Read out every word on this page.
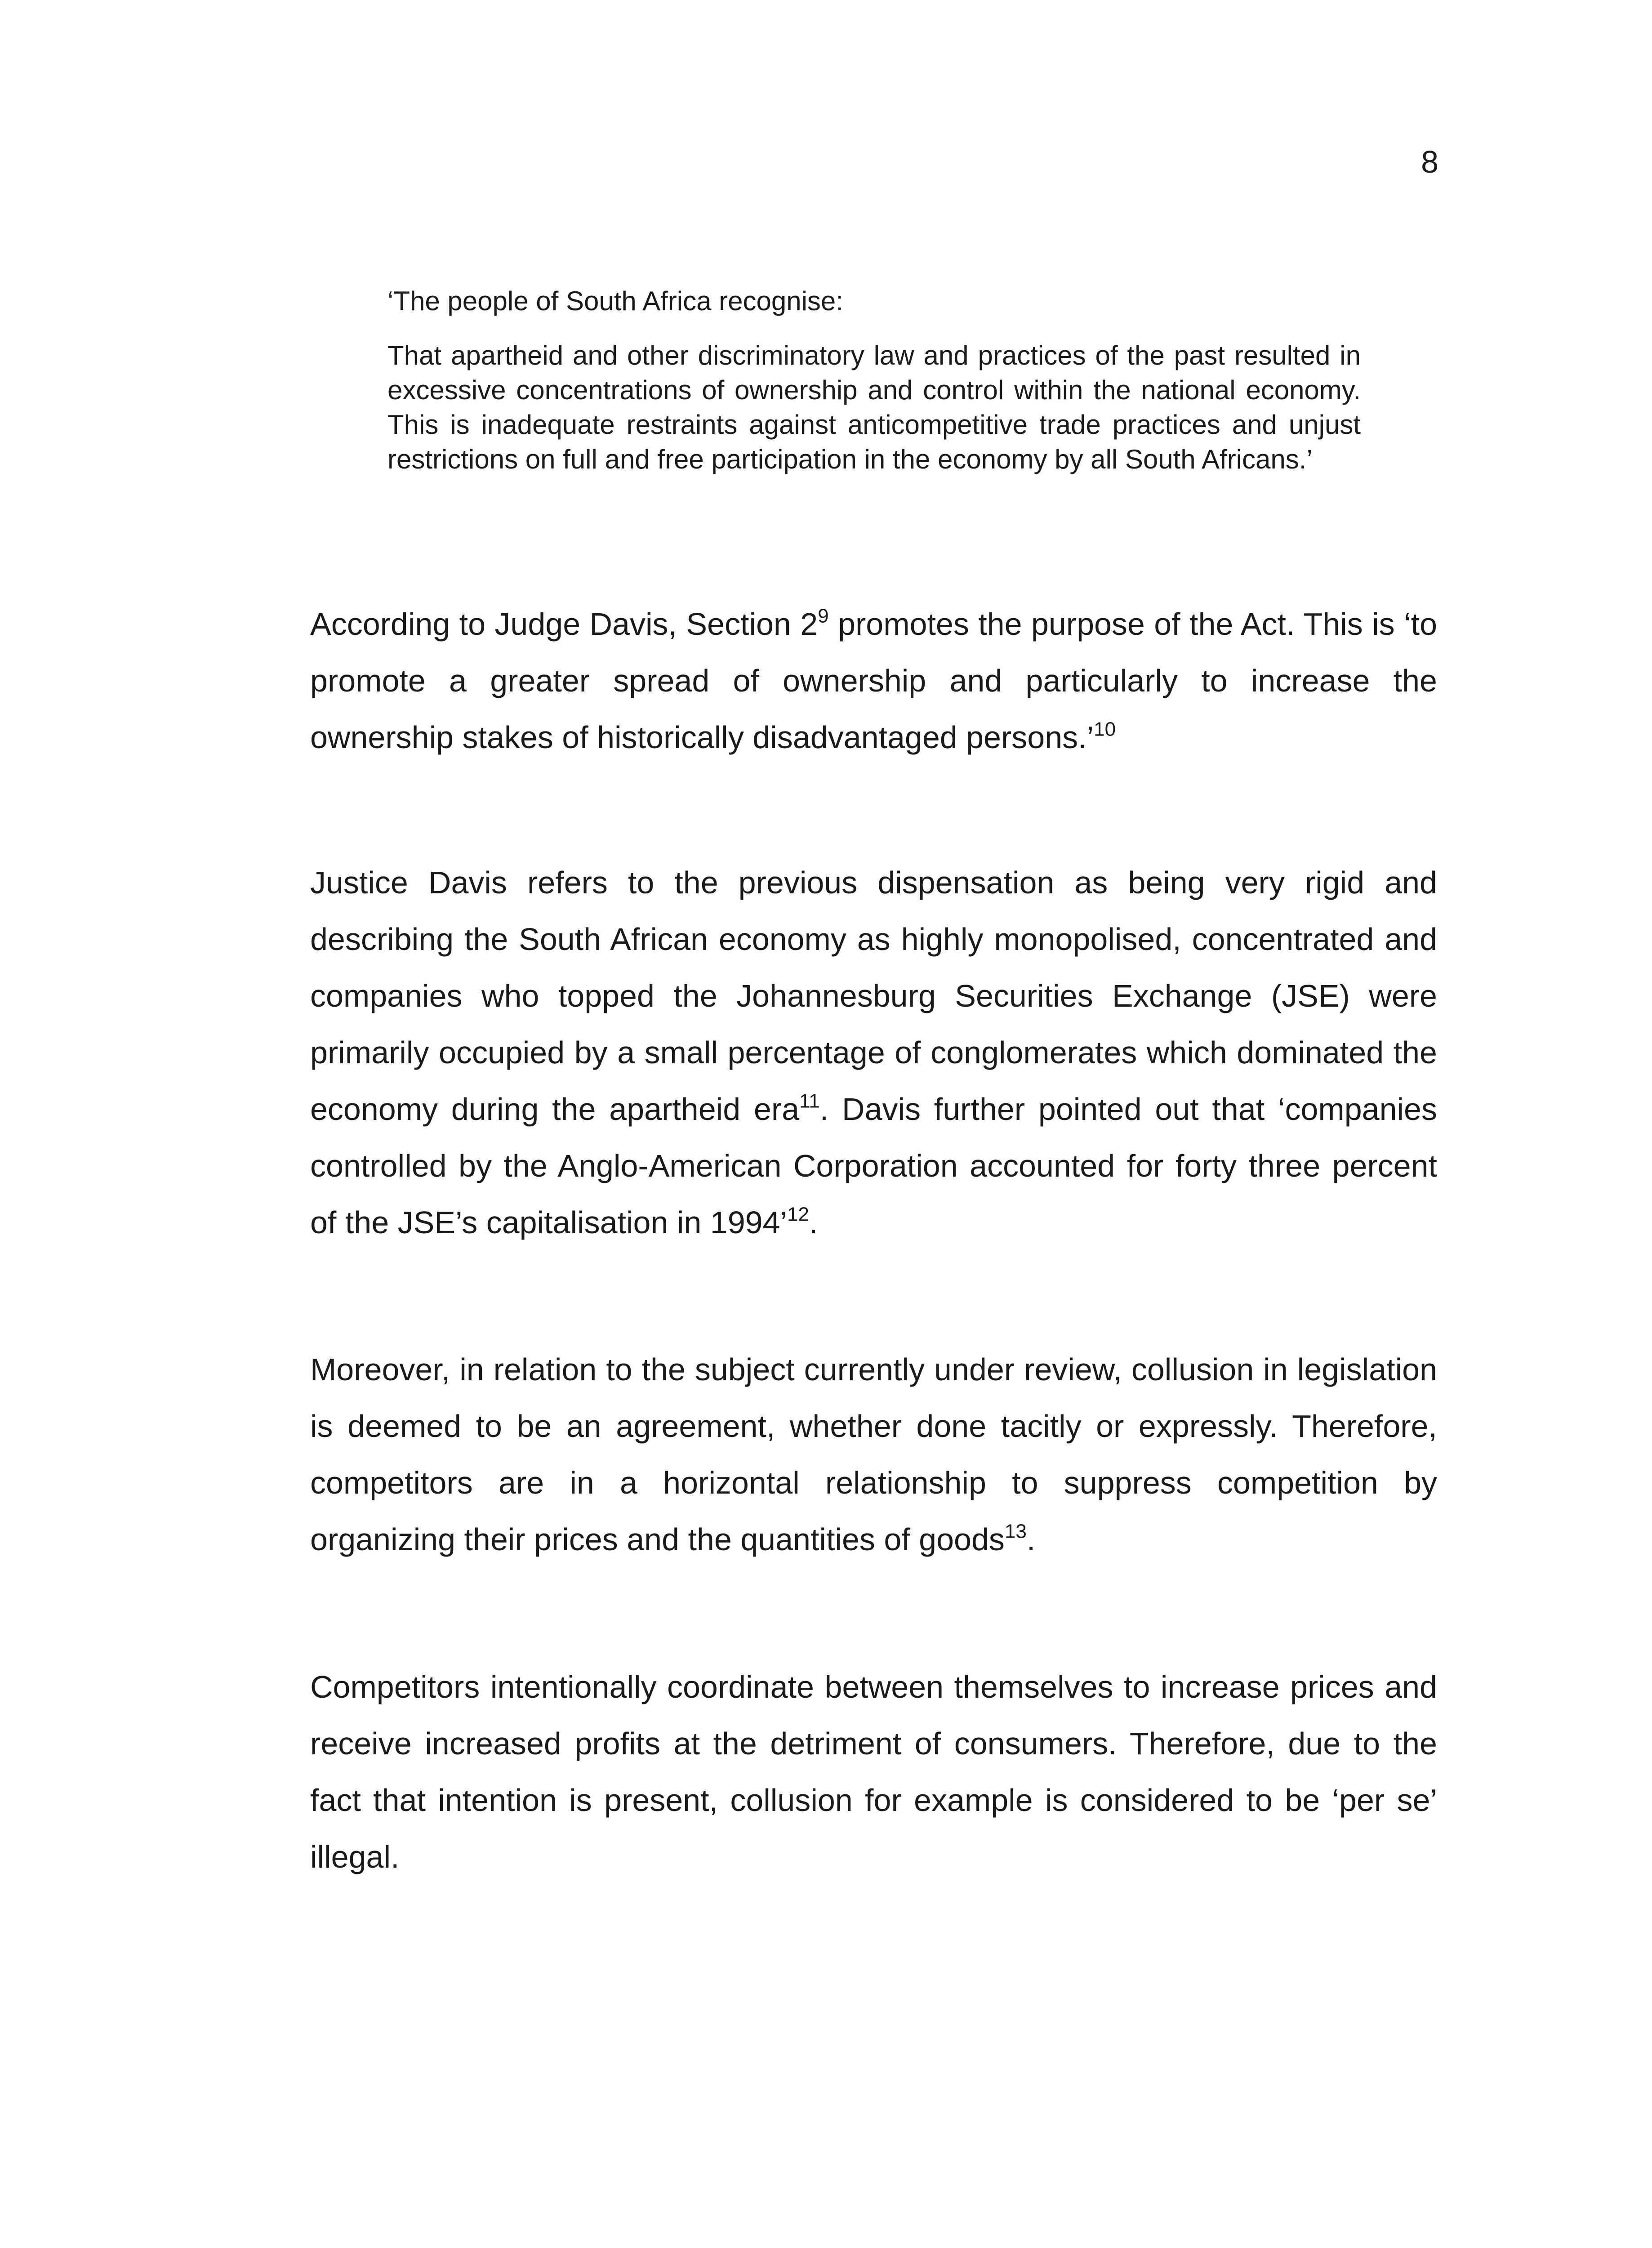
8

‘The people of South Africa recognise:

That apartheid and other discriminatory law and practices of the past resulted in excessive concentrations of ownership and control within the national economy. This is inadequate restraints against anticompetitive trade practices and unjust restrictions on full and free participation in the economy by all South Africans.’

According to Judge Davis, Section $2^9$ promotes the purpose of the Act. This is ‘to promote a greater spread of ownership and particularly to increase the ownership stakes of historically disadvantaged persons.’$^{10}$

Justice Davis refers to the previous dispensation as being very rigid and describing the South African economy as highly monopolised, concentrated and companies who topped the Johannesburg Securities Exchange (JSE) were primarily occupied by a small percentage of conglomerates which dominated the economy during the apartheid era$^{11}$. Davis further pointed out that ‘companies controlled by the Anglo-American Corporation accounted for forty three percent of the JSE’s capitalisation in 1994’$^{12}$.

Moreover, in relation to the subject currently under review, collusion in legislation is deemed to be an agreement, whether done tacitly or expressly. Therefore, competitors are in a horizontal relationship to suppress competition by organizing their prices and the quantities of goods$^{13}$.

Competitors intentionally coordinate between themselves to increase prices and receive increased profits at the detriment of consumers. Therefore, due to the fact that intention is present, collusion for example is considered to be ‘per se’ illegal.
